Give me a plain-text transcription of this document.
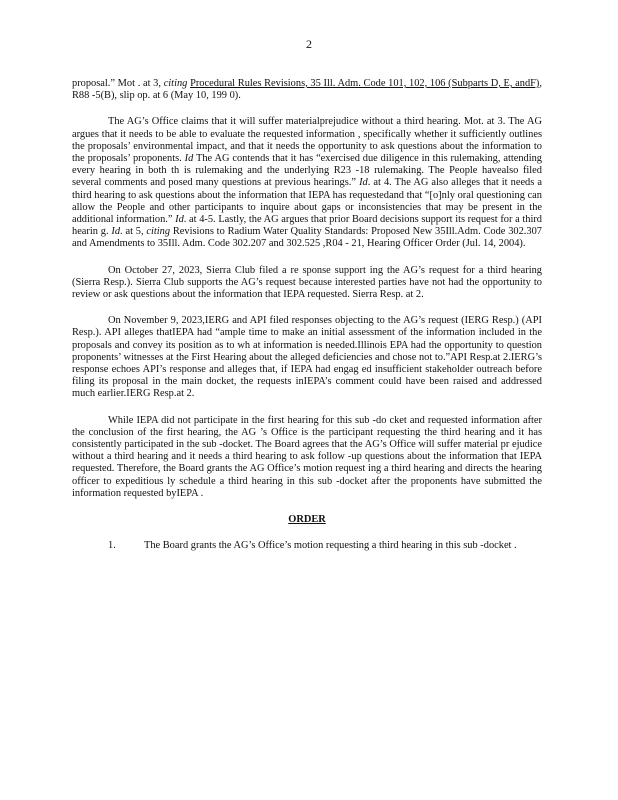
2

proposal.” Mot . at 3, citing Procedural Rules Revisions, 35 Ill. Adm. Code 101, 102, 106 (Subparts D, E, andF), R88 -5(B), slip op. at 6 (May 10, 199 0).

The AG’s Office claims that it will suffer materialprejudice without a third hearing. Mot. at 3. The AG argues that it needs to be able to evaluate the requested information , specifically whether it sufficiently outlines the proposals’ environmental impact, and that it needs the opportunity to ask questions about the information to the proposals’ proponents. Id The AG contends that it has “exercised due diligence in this rulemaking, attending every hearing in both th is rulemaking and the underlying R23 -18 rulemaking. The People havealso filed several comments and posed many questions at previous hearings.” Id. at 4. The AG also alleges that it needs a third hearing to ask questions about the information that IEPA has requestedand that “[o]nly oral questioning can allow the People and other participants to inquire about gaps or inconsistencies that may be present in the additional information.” Id. at 4-5. Lastly, the AG argues that prior Board decisions support its request for a third hearin g. Id. at 5, citing Revisions to Radium Water Quality Standards: Proposed New 35Ill.Adm. Code 302.307 and Amendments to 35Ill. Adm. Code 302.207 and 302.525 ,R04 - 21, Hearing Officer Order (Jul. 14, 2004).

On October 27, 2023, Sierra Club filed a re sponse support ing the AG’s request for a third hearing (Sierra Resp.). Sierra Club supports the AG’s request because interested parties have not had the opportunity to review or ask questions about the information that IEPA requested. Sierra Resp. at 2.

On November 9, 2023,IERG and API filed responses objecting to the AG’s request (IERG Resp.) (API Resp.). API alleges thatIEPA had “ample time to make an initial assessment of the information included in the proposals and convey its position as to wh at information is needed.Illinois EPA had the opportunity to question proponents’ witnesses at the First Hearing about the alleged deficiencies and chose not to.”API Resp.at 2.IERG’s response echoes API’s response and alleges that, if IEPA had engag ed insufficient stakeholder outreach before filing its proposal in the main docket, the requests inIEPA’s comment could have been raised and addressed much earlier.IERG Resp.at 2.

While IEPA did not participate in the first hearing for this sub -do cket and requested information after the conclusion of the first hearing, the AG ’s Office is the participant requesting the third hearing and it has consistently participated in the sub -docket. The Board agrees that the AG’s Office will suffer material pr ejudice without a third hearing and it needs a third hearing to ask follow -up questions about the information that IEPA requested. Therefore, the Board grants the AG Office’s motion request ing a third hearing and directs the hearing officer to expeditious ly schedule a third hearing in this sub -docket after the proponents have submitted the information requested byIEPA .

ORDER
1.	The Board grants the AG’s Office’s motion requesting a third hearing in this sub -docket .
